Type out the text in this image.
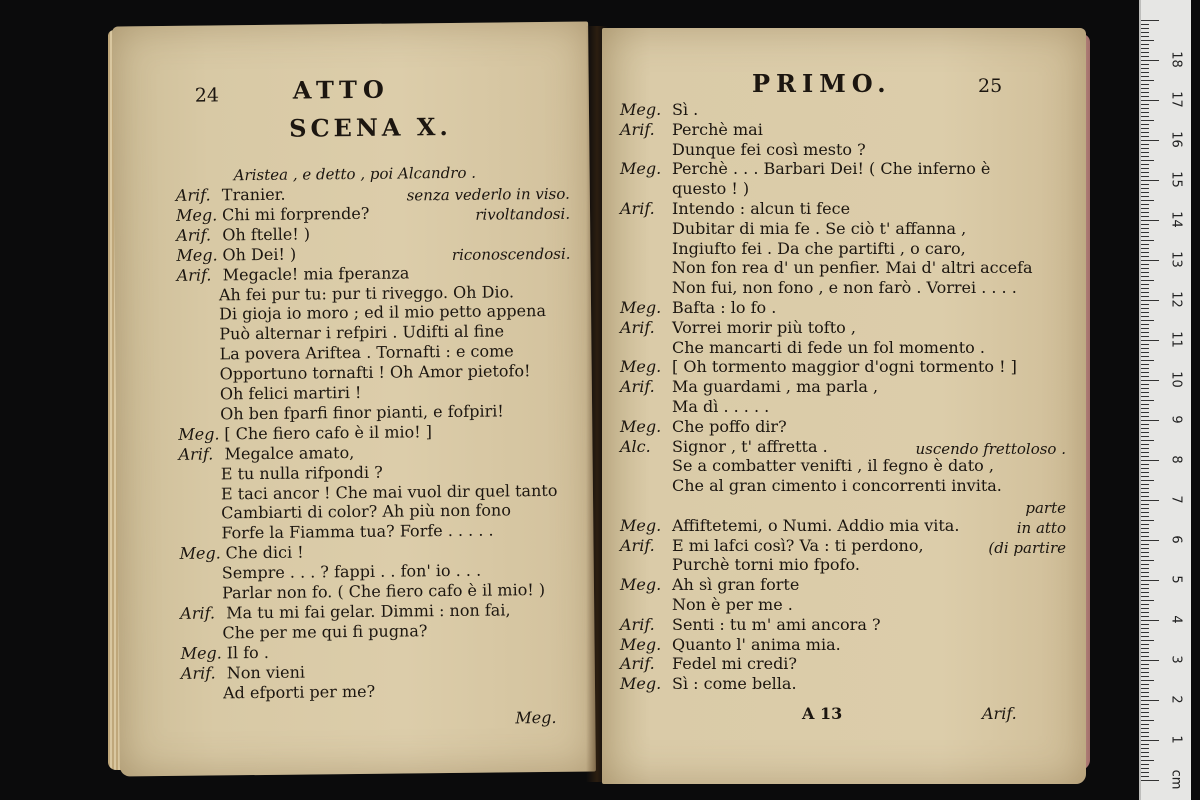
24	ATTO
SCENA X.
Aristea , e detto , poi Alcandro .
Arif. Tranier.	senza vederlo in viso.
Meg. Chi mi forprende?	rivoltandosi.
Arif. Oh ftelle! )
Meg. Oh Dei! )	riconoscendosi.
Arif. Megacle! mia fperanza
Ah fei pur tu: pur ti riveggo. Oh Dio.
Di gioja io moro ; ed il mio petto appena
Può alternar i refpiri . Udifti al fine
La povera Ariftea . Tornafti : e come
Opportuno tornafti ! Oh Amor pietofo!
Oh felici martiri !
Oh ben fparfi finor pianti, e fofpiri!
Meg. [ Che fiero cafo è il mio! ]
Arif. Megalce amato,
E tu nulla rifpondi ?
E taci ancor ! Che mai vuol dir quel tanto
Cambiarti di color? Ah più non fono
Forfe la Fiamma tua? Forfe . . . . .
Meg. Che dici !
Sempre . . . ? fappi . . fon' io . . .
Parlar non fo. ( Che fiero cafo è il mio! )
Arif. Ma tu mi fai gelar. Dimmi : non fai,
Che per me qui fi pugna?
Meg. Il fo .
Arif. Non vieni
Ad efporti per me?
Meg.
PRIMO.	25
Meg. Sì .
Arif. Perchè mai
Dunque fei così mesto ?
Meg. Perchè . . . Barbari Dei! ( Che inferno è
questo ! )
Arif. Intendo : alcun ti fece
Dubitar di mia fe . Se ciò t' affanna ,
Ingiufto fei . Da che partifti , o caro,
Non fon rea d' un penfier. Mai d' altri accefa
Non fui, non fono , e non farò . Vorrei . . . .
Meg. Bafta : lo fo .
Arif. Vorrei morir più tofto ,
Che mancarti di fede un fol momento .
Meg. [ Oh tormento maggior d'ogni tormento ! ]
Arif. Ma guardami , ma parla ,
Ma dì . . . . .
Meg. Che poffo dir?
Alc. Signor , t' affretta .	uscendo frettoloso .
Se a combatter venifti , il fegno è dato ,
Che al gran cimento i concorrenti invita.
parte
Meg. Affiftetemi, o Numi. Addio mia vita.	in atto
Arif. E mi lafci così? Va : ti perdono,	(di partire
Purchè torni mio fpofo.
Meg. Ah sì gran forte
Non è per me .
Arif. Senti : tu m' ami ancora ?
Meg. Quanto l' anima mia.
Arif. Fedel mi credi?
Meg. Sì : come bella.
A 13	Arif.
cm
1
2
3
4
5
6
7
8
9
10
11
12
13
14
15
16
17
18
